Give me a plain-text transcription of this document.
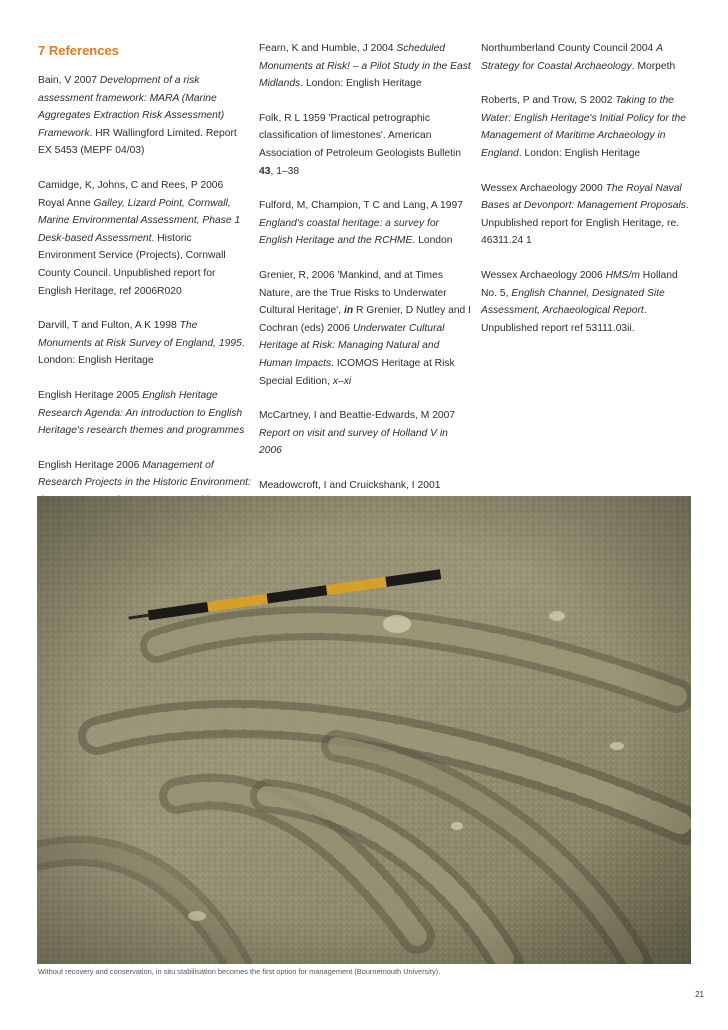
7 References

Bain, V 2007 Development of a risk assessment framework: MARA (Marine Aggregates Extraction Risk Assessment) Framework. HR Wallingford Limited. Report EX 5453 (MEPF 04/03)

Camidge, K, Johns, C and Rees, P 2006 Royal Anne Galley, Lizard Point, Cornwall, Marine Environmental Assessment, Phase 1 Desk-based Assessment. Historic Environment Service (Projects), Cornwall County Council. Unpublished report for English Heritage, ref 2006R020

Darvill, T and Fulton, A K 1998 The Monuments at Risk Survey of England, 1995. London: English Heritage

English Heritage 2005 English Heritage Research Agenda: An introduction to English Heritage's research themes and programmes

English Heritage 2006 Management of Research Projects in the Historic Environment:

Fearn, K and Humble, J 2004 Scheduled Monuments at Risk! – a Pilot Study in the East Midlands. London: English Heritage

Folk, R L 1959 'Practical petrographic classification of limestones'. American Association of Petroleum Geologists Bulletin 43, 1–38

Fulford, M, Champion, T C and Lang, A 1997 England's coastal heritage: a survey for English Heritage and the RCHME. London

Grenier, R, 2006 'Mankind, and at Times Nature, are the True Risks to Underwater Cultural Heritage', in R Grenier, D Nutley and I Cochran (eds) 2006 Underwater Cultural Heritage at Risk: Managing Natural and Human Impacts. ICOMOS Heritage at Risk Special Edition, x–xi

McCartney, I and Beattie-Edwards, M 2007 Report on visit and survey of Holland V in 2006

Meadowcroft, I and Cruickshank, I 2001

Northumberland County Council 2004 A Strategy for Coastal Archaeology. Morpeth

Roberts, P and Trow, S 2002 Taking to the Water: English Heritage's Initial Policy for the Management of Maritime Archaeology in England. London: English Heritage

Wessex Archaeology 2000 The Royal Naval Bases at Devonport: Management Proposals. Unpublished report for English Heritage, re. 46311.24 1

Wessex Archaeology 2006 HMS/m Holland No. 5, English Channel, Designated Site Assessment, Archaeological Report. Unpublished report ref 53111.03ii.

Without recovery and conservation, in situ stabilisation becomes the first option for management (Bournemouth University).
21
